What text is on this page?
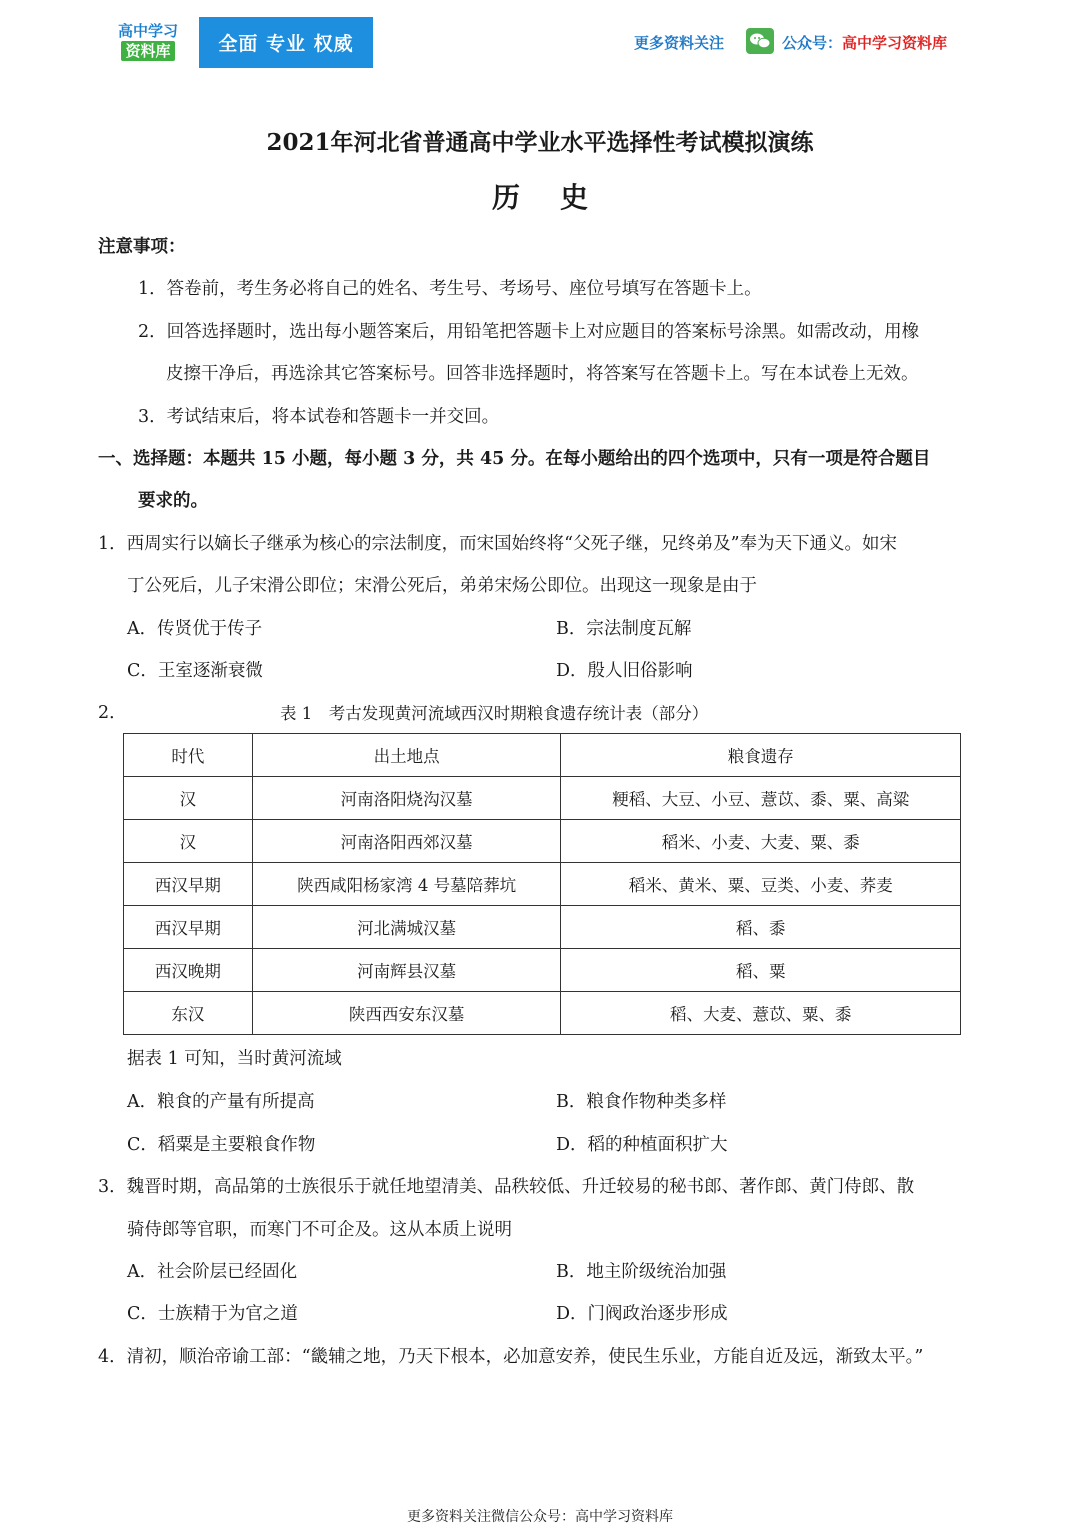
高中学习
资料库	全面 专业 权威	更多资料关注	公众号：高中学习资料库
2021年河北省普通高中学业水平选择性考试模拟演练
历史
注意事项：
1．答卷前，考生务必将自己的姓名、考生号、考场号、座位号填写在答题卡上。
2．回答选择题时，选出每小题答案后，用铅笔把答题卡上对应题目的答案标号涂黑。如需改动，用橡
皮擦干净后，再选涂其它答案标号。回答非选择题时，将答案写在答题卡上。写在本试卷上无效。
3．考试结束后，将本试卷和答题卡一并交回。
一、选择题：本题共 15 小题，每小题 3 分，共 45 分。在每小题给出的四个选项中，只有一项是符合题目
要求的。
1．西周实行以嫡长子继承为核心的宗法制度，而宋国始终将“父死子继，兄终弟及”奉为天下通义。如宋
丁公死后，儿子宋滑公即位；宋滑公死后，弟弟宋炀公即位。出现这一现象是由于
A．传贤优于传子	B．宗法制度瓦解
C．王室逐渐衰微	D．殷人旧俗影响
2．	表 1　考古发现黄河流域西汉时期粮食遗存统计表（部分）
时代	出土地点	粮食遗存
汉	河南洛阳烧沟汉墓	粳稻、大豆、小豆、薏苡、黍、粟、高粱
汉	河南洛阳西郊汉墓	稻米、小麦、大麦、粟、黍
西汉早期	陕西咸阳杨家湾 4 号墓陪葬坑	稻米、黄米、粟、豆类、小麦、荞麦
西汉早期	河北满城汉墓	稻、黍
西汉晚期	河南辉县汉墓	稻、粟
东汉	陕西西安东汉墓	稻、大麦、薏苡、粟、黍
据表 1 可知，当时黄河流域
A．粮食的产量有所提高	B．粮食作物种类多样
C．稻粟是主要粮食作物	D．稻的种植面积扩大
3．魏晋时期，高品第的士族很乐于就任地望清美、品秩较低、升迁较易的秘书郎、著作郎、黄门侍郎、散
骑侍郎等官职，而寒门不可企及。这从本质上说明
A．社会阶层已经固化	B．地主阶级统治加强
C．士族精于为官之道	D．门阀政治逐步形成
4．清初，顺治帝谕工部：“畿辅之地，乃天下根本，必加意安养，使民生乐业，方能自近及远，渐致太平。”
更多资料关注微信公众号：高中学习资料库
